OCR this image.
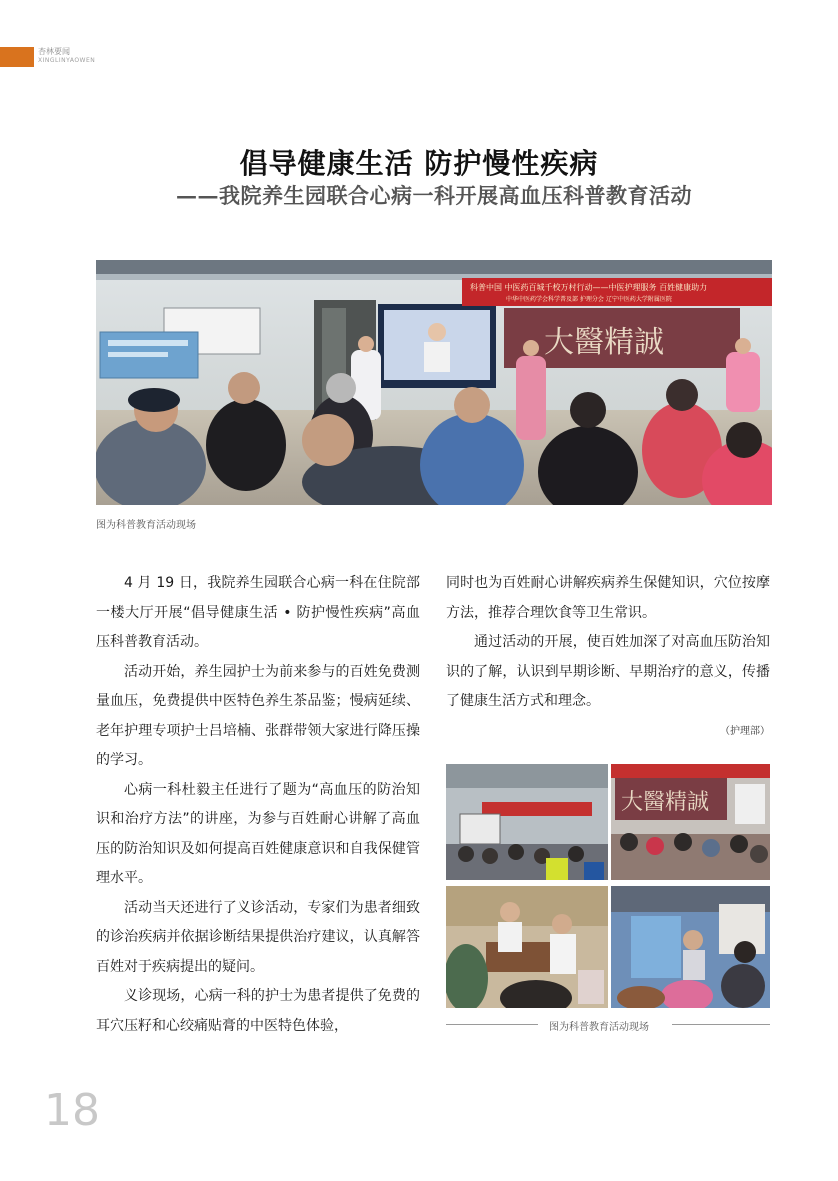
杏林要闻
XINGLINYAOWEN
倡导健康生活 防护慢性疾病
——我院养生园联合心病一科开展高血压科普教育活动
科普中国 中医药百城千校万村行动——中医护理服务 百姓健康助力
中华中医药学会科学普及部 护理分会 辽宁中医药大学附属医院
大醫精誠
图为科普教育活动现场

4 月 19 日，我院养生园联合心病一科在住院部一楼大厅开展“倡导健康生活 • 防护慢性疾病”高血压科普教育活动。

活动开始，养生园护士为前来参与的百姓免费测量血压，免费提供中医特色养生茶品鉴；慢病延续、老年护理专项护士吕培楠、张群带领大家进行降压操的学习。

心病一科杜毅主任进行了题为“高血压的防治知识和治疗方法”的讲座，为参与百姓耐心讲解了高血压的防治知识及如何提高百姓健康意识和自我保健管理水平。

活动当天还进行了义诊活动，专家们为患者细致的诊治疾病并依据诊断结果提供治疗建议，认真解答百姓对于疾病提出的疑问。

义诊现场，心病一科的护士为患者提供了免费的耳穴压籽和心绞痛贴膏的中医特色体验，

同时也为百姓耐心讲解疾病养生保健知识，穴位按摩方法，推荐合理饮食等卫生常识。

通过活动的开展，使百姓加深了对高血压防治知识的了解，认识到早期诊断、早期治疗的意义，传播了健康生活方式和理念。

（护理部）

大醫精誠
图为科普教育活动现场
18
